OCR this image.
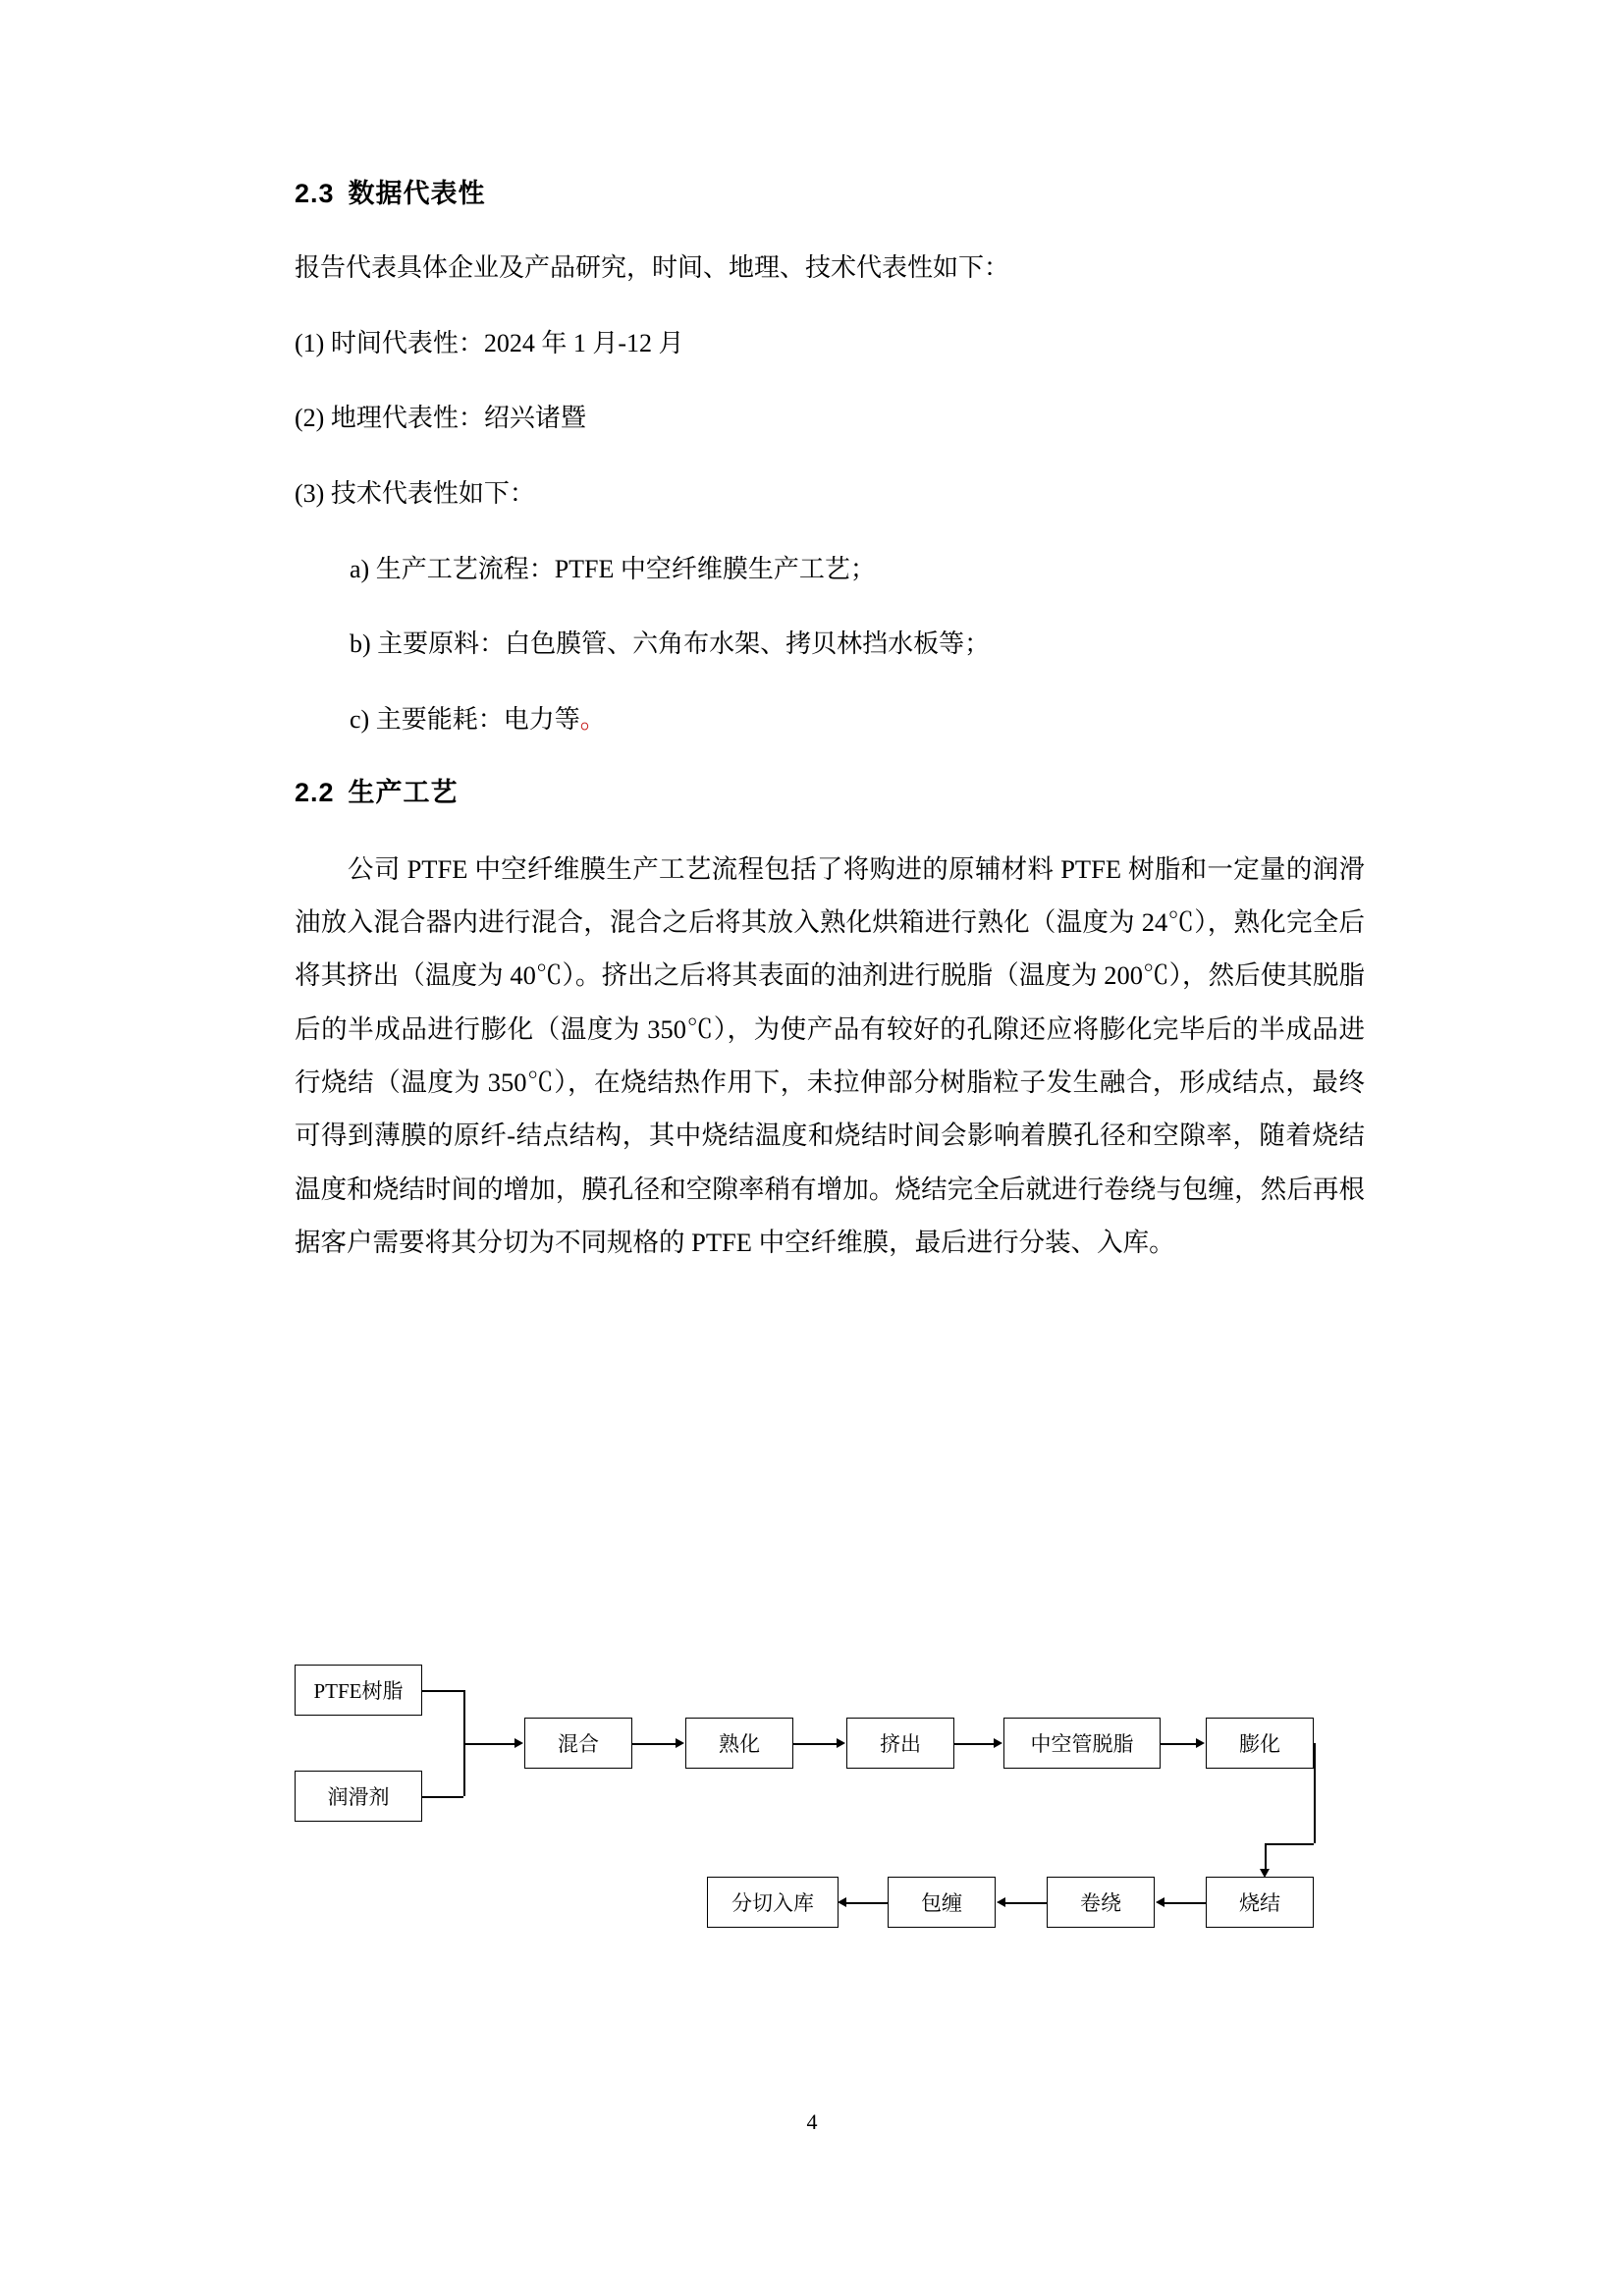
2.3 数据代表性

报告代表具体企业及产品研究，时间、地理、技术代表性如下：

(1) 时间代表性：2024 年 1 月-12 月

(2) 地理代表性：绍兴诸暨

(3) 技术代表性如下：

a) 生产工艺流程：PTFE 中空纤维膜生产工艺；

b) 主要原料：白色膜管、六角布水架、拷贝林挡水板等；

c) 主要能耗：电力等。

2.2 生产工艺

公司 PTFE 中空纤维膜生产工艺流程包括了将购进的原辅材料 PTFE 树脂和一定量的润滑油放入混合器内进行混合，混合之后将其放入熟化烘箱进行熟化（温度为 24℃），熟化完全后将其挤出（温度为 40℃）。挤出之后将其表面的油剂进行脱脂（温度为 200℃），然后使其脱脂后的半成品进行膨化（温度为 350℃），为使产品有较好的孔隙还应将膨化完毕后的半成品进行烧结（温度为 350℃），在烧结热作用下，未拉伸部分树脂粒子发生融合，形成结点，最终可得到薄膜的原纤-结点结构，其中烧结温度和烧结时间会影响着膜孔径和空隙率，随着烧结温度和烧结时间的增加，膜孔径和空隙率稍有增加。烧结完全后就进行卷绕与包缠，然后再根据客户需要将其分切为不同规格的 PTFE 中空纤维膜，最后进行分装、入库。

PTFE树脂
润滑剂
混合	熟化	挤出	中空管脱脂	膨化
烧结
卷绕
包缠
分切入库
4
